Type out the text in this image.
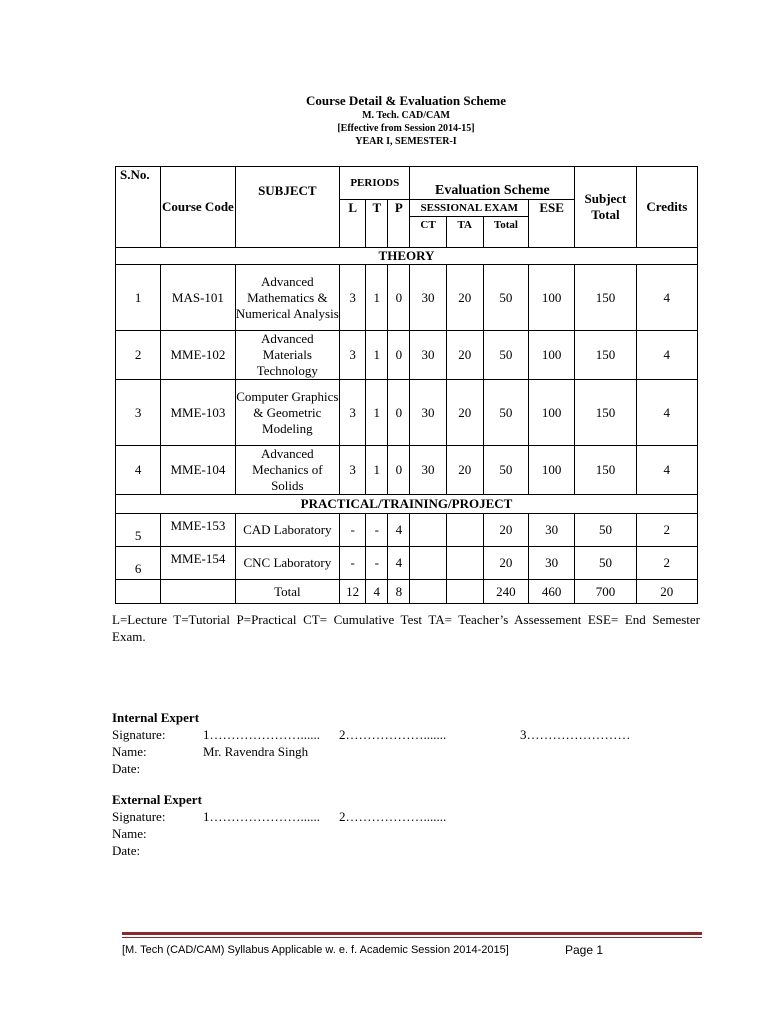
Course Detail & Evaluation Scheme
M. Tech. CAD/CAM
[Effective from Session 2014-15]
YEAR I, SEMESTER-I
S.No.	Course Code	SUBJECT	PERIODS			Evaluation Scheme				Subject Total	Credits
			L	T	P	SESSIONAL EXAM			ESE		
						CT	TA	Total			
THEORY											
1	MAS-101	Advanced Mathematics & Numerical Analysis	3	1	0	30	20	50	100	150	4
2	MME-102	Advanced Materials Technology	3	1	0	30	20	50	100	150	4
3	MME-103	Computer Graphics & Geometric Modeling	3	1	0	30	20	50	100	150	4
4	MME-104	Advanced Mechanics of Solids	3	1	0	30	20	50	100	150	4
PRACTICAL/TRAINING/PROJECT											
5	MME-153	CAD Laboratory	-	-	4			20	30	50	2
6	MME-154	CNC Laboratory	-	-	4			20	30	50	2
		Total	12	4	8			240	460	700	20
L=Lecture T=Tutorial P=Practical CT= Cumulative Test TA= Teacher’s Assessement ESE= End Semester Exam.
Internal Expert
Signature:	1…………………...... 2……………….......	3……………………
Name:	Mr. Ravendra Singh
Date:
External Expert
Signature:	1…………………...... 2……………….......
Name:
Date:
[M. Tech (CAD/CAM) Syllabus Applicable w. e. f. Academic Session 2014-2015]	Page 1
